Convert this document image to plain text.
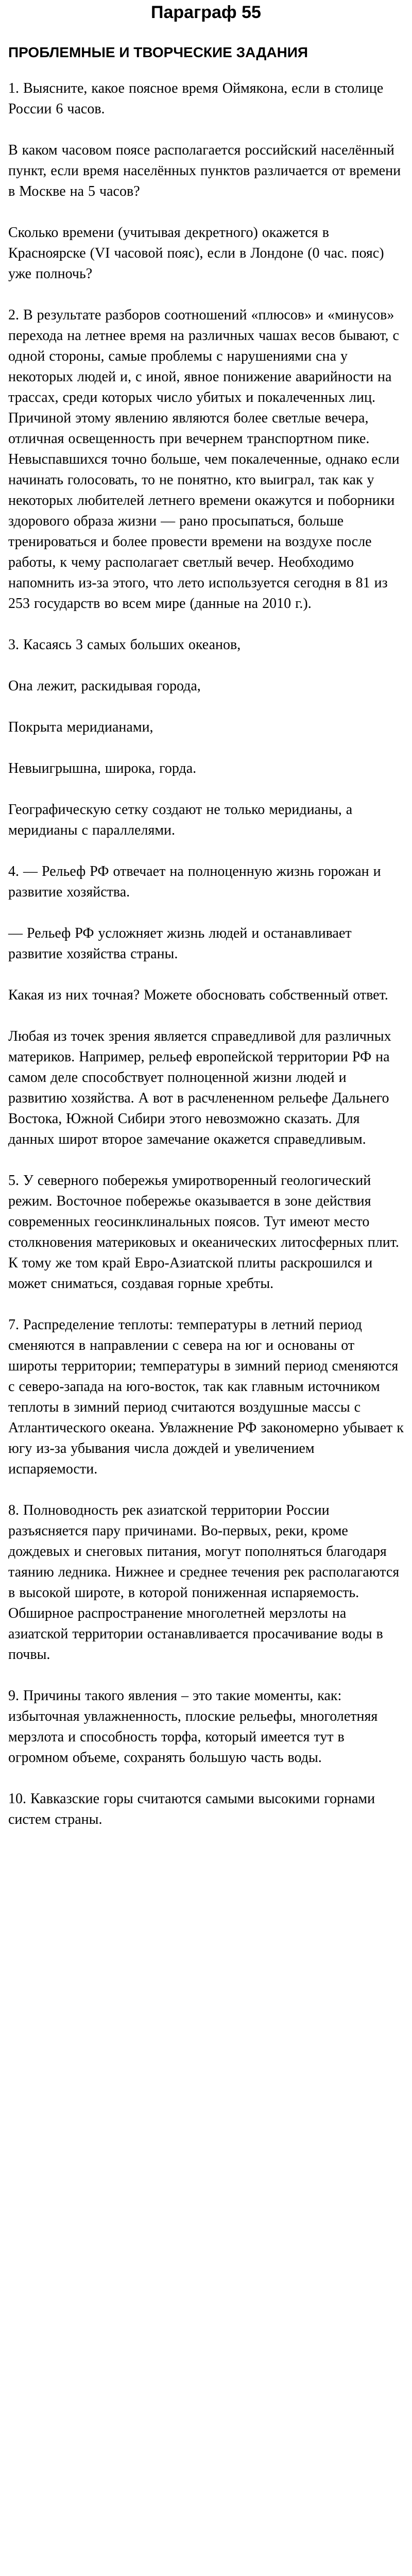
Параграф 55
ПРОБЛЕМНЫЕ И ТВОРЧЕСКИЕ ЗАДАНИЯ

1. Выясните, какое поясное время Оймякона, если в столице России 6 часов.

В каком часовом поясе располагается российский населённый пункт, если время населённых пунктов различается от времени в Москве на 5 часов?

Сколько времени (учитывая декретного) окажется в Красноярске (VI часовой пояс), если в Лондоне (0 час. пояс) уже полночь?

2. В результате разборов соотношений «плюсов» и «минусов» перехода на летнее время на различных чашах весов бывают, с одной стороны, самые проблемы с нарушениями сна у некоторых людей и, с иной, явное понижение аварийности на трассах, среди которых число убитых и покалеченных лиц. Причиной этому явлению являются более светлые вечера, отличная освещенность при вечернем транспортном пике. Невыспавшихся точно больше, чем покалеченные, однако если начинать голосовать, то не понятно, кто выиграл, так как у некоторых любителей летнего времени окажутся и поборники здорового образа жизни — рано просыпаться, больше тренироваться и более провести времени на воздухе после работы, к чему располагает светлый вечер. Необходимо напомнить из-за этого, что лето используется сегодня в 81 из 253 государств во всем мире (данные на 2010 г.).

3. Касаясь 3 самых больших океанов,

Она лежит, раскидывая города,

Покрыта меридианами,

Невыигрышна, широка, горда.

Географическую сетку создают не только меридианы, а меридианы с параллелями.

4. — Рельеф РФ отвечает на полноценную жизнь горожан и развитие хозяйства.

— Рельеф РФ усложняет жизнь людей и останавливает развитие хозяйства страны.

Какая из них точная? Можете обосновать собственный ответ.

Любая из точек зрения является справедливой для различных материков. Например, рельеф европейской территории РФ на самом деле способствует полноценной жизни людей и развитию хозяйства. А вот в расчлененном рельефе Дальнего Востока, Южной Сибири этого невозможно сказать. Для данных широт второе замечание окажется справедливым.

5. У северного побережья умиротворенный геологический режим. Восточное побережье оказывается в зоне действия современных геосинклинальных поясов. Тут имеют место столкновения материковых и океанических литосферных плит. К тому же том край Евро-Азиатской плиты раскрошился и может сниматься, создавая горные хребты.

7. Распределение теплоты: температуры в летний период сменяются в направлении с севера на юг и основаны от широты территории; температуры в зимний период сменяются с северо-запада на юго-восток, так как главным источником теплоты в зимний период считаются воздушные массы с Атлантического океана. Увлажнение РФ закономерно убывает к югу из-за убывания числа дождей и увеличением испаряемости.

8. Полноводность рек азиатской территории России разъясняется пару причинами. Во-первых, реки, кроме дождевых и снеговых питания, могут пополняться благодаря таянию ледника. Нижнее и среднее течения рек располагаются в высокой широте, в которой пониженная испаряемость. Обширное распространение многолетней мерзлоты на азиатской территории останавливается просачивание воды в почвы.

9. Причины такого явления – это такие моменты, как: избыточная увлажненность, плоские рельефы, многолетняя мерзлота и способность торфа, который имеется тут в огромном объеме, сохранять большую часть воды.

10. Кавказские горы считаются самыми высокими горнами систем страны.
